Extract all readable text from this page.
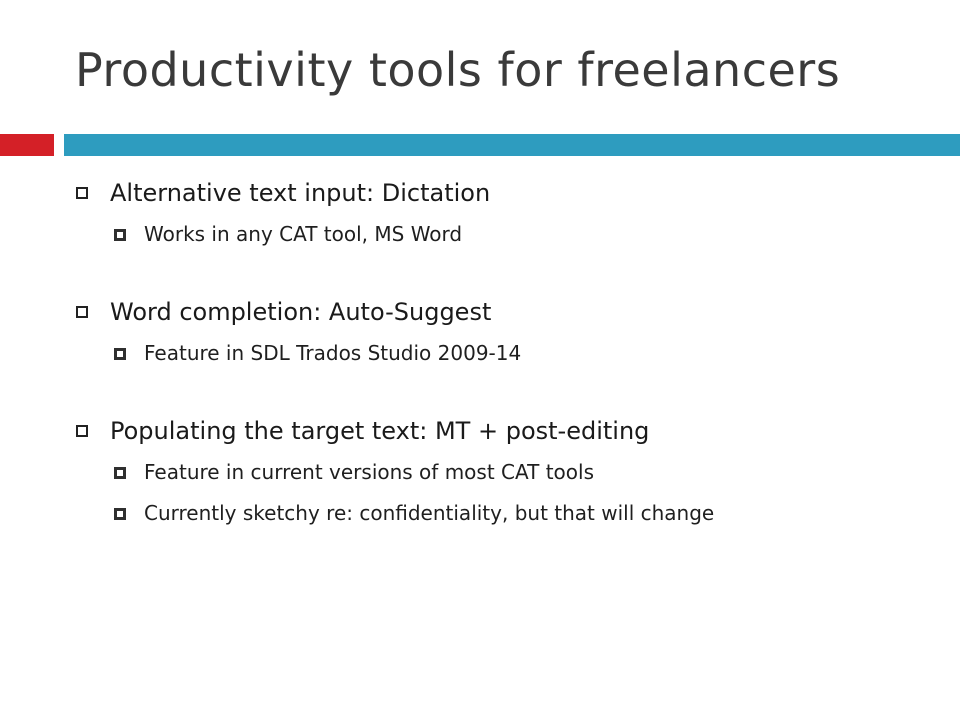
Productivity tools for freelancers
Alternative text input: Dictation
Works in any CAT tool, MS Word
Word completion: Auto-Suggest
Feature in SDL Trados Studio 2009-14
Populating the target text: MT + post-editing
Feature in current versions of most CAT tools
Currently sketchy re: confidentiality, but that will change
